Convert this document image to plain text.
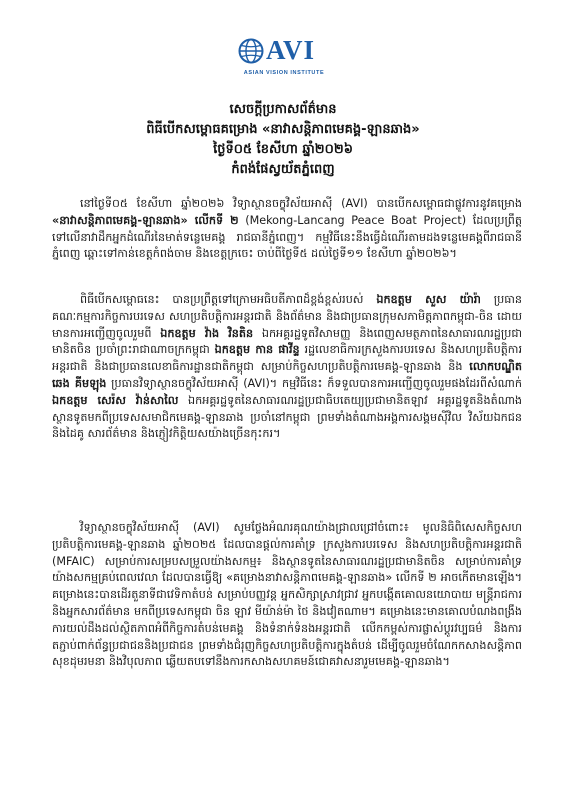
AVI
ASIAN VISION INSTITUTE
សេចក្តីប្រកាសព័ត៌មាន
ពិធីបើកសម្ពោធគម្រោង «នាវាសន្តិភាពមេគង្គ-ឡានឆាង»
ថ្ងៃទី០៥ ខែសីហា ឆ្នាំ២០២៦
កំពង់ផែស្វយ័តភ្នំពេញ

នៅថ្ងៃទី០៥ ខែសីហា ឆ្នាំ២០២៦ វិទ្យាស្ថានចក្ខុវិស័យអាស៊ី (AVI) បានបើកសម្ពោធជាផ្លូវការនូវគម្រោង «នាវាសន្តិភាពមេគង្គ-ឡានឆាង» លើកទី ២ (Mekong-Lancang Peace Boat Project) ដែលប្រព្រឹត្តទៅលើនាវាដឹកអ្នកដំណើរនៃមាត់ទន្លេមេគង្គ រាជធានីភ្នំពេញ។ កម្មវិធីនេះនឹងធ្វើដំណើរតាមដងទន្លេមេគង្គពីរាជធានីភ្នំពេញ ឆ្ពោះទៅកាន់ខេត្តកំពង់ចាម និងខេត្តក្រចេះ ចាប់ពីថ្ងៃទី៥ ដល់ថ្ងៃទី១១ ខែសីហា ឆ្នាំ២០២៦។

ពិធីបើកសម្ពោធនេះ បានប្រព្រឹត្តទៅក្រោមអធិបតីភាពដ៏ខ្ពង់ខ្ពស់របស់ ឯកឧត្តម សួស យ៉ារ៉ា ប្រធានគណៈកម្មការកិច្ចការបរទេស សហប្រតិបត្តិការអន្តរជាតិ និងព័ត៌មាន និងជាប្រធានក្រុមសភាមិត្តភាពកម្ពុជា-ចិន ដោយមានការអញ្ជើញចូលរួមពី ឯកឧត្តម វ៉ាង វិនតិន ឯកអគ្គរដ្ឋទូតវិសាមញ្ញ និងពេញសមត្ថភាពនៃសាធារណរដ្ឋប្រជាមានិតចិន ប្រចាំព្រះរាជាណាចក្រកម្ពុជា ឯកឧត្តម កាន ផាវីន្ទ រដ្ឋលេខាធិការក្រសួងការបរទេស និងសហប្រតិបត្តិការអន្តរជាតិ និងជាប្រធានលេខាធិការដ្ឋានជាតិកម្ពុជា សម្រាប់កិច្ចសហប្រតិបត្តិការមេគង្គ-ឡានឆាង និង លោកបណ្ឌិត ឆេង គីមឡុង ប្រធានវិទ្យាស្ថានចក្ខុវិស័យអាស៊ី (AVI)។ កម្មវិធីនេះ ក៏ទទួលបានការអញ្ជើញចូលរួមផងដែរពីសំណាក់ ឯកឧត្តម សេរ៉ស វ៉ាន់សាលៃ ឯកអគ្គរដ្ឋទូតនៃសាធារណរដ្ឋប្រជាធិបតេយ្យប្រជាមានិតឡាវ អគ្គរដ្ឋទូតនិងតំណាងស្ថានទូតមកពីប្រទេសសមាជិកមេគង្គ-ឡានឆាង ប្រចាំនៅកម្ពុជា ព្រមទាំងតំណាងអង្គការសង្គមស៊ីវិល វិស័យឯកជន និងដៃគូ សារព័ត៌មាន និងភ្ញៀវកិត្តិយសយ៉ាងច្រើនកុះករ។

វិទ្យាស្ថានចក្ខុវិស័យអាស៊ី (AVI) សូមថ្លែងអំណរគុណយ៉ាងជ្រាលជ្រៅចំពោះ៖ មូលនិធិពិសេសកិច្ចសហប្រតិបត្តិការមេគង្គ-ឡានឆាង ឆ្នាំ២០២៥ ដែលបានផ្តល់ការគាំទ្រ ក្រសួងការបរទេស និងសហប្រតិបត្តិការអន្តរជាតិ (MFAIC) សម្រាប់ការសម្របសម្រួលយ៉ាងសកម្ម៖ និងស្ថានទូតនៃសាធារណរដ្ឋប្រជាមានិតចិន សម្រាប់ការគាំទ្រយ៉ាងសកម្មគ្រប់ពេលវេលា ដែលបានធ្វើឱ្យ «គម្រោងនាវាសន្តិភាពមេគង្គ-ឡានឆាង» លើកទី ២ អាចកើតមានឡើង។ គម្រោងនេះបានដើរតួនាទីជាវេទិកាតំបន់ សម្រាប់បញ្ញវន្ត អ្នកសិក្សាស្រាវជ្រាវ អ្នកបង្កើតគោលនយោបាយ មន្ត្រីរាជការ និងអ្នកសារព័ត៌មាន មកពីប្រទេសកម្ពុជា ចិន ឡាវ មីយ៉ាន់ម៉ា ថៃ និងវៀតណាម។ គម្រោងនេះមានគោលបំណងពង្រឹងការយល់ដឹងដល់ស្ថិតភាពអំពីកិច្ចការតំបន់មេគង្គ និងទំនាក់ទំនងអន្តរជាតិ លើកកម្ពស់ការផ្លាស់ប្តូរវប្បធម៌ និងការតភ្ជាប់ពាក់ព័ន្ធប្រជាជននិងប្រជាជន ព្រមទាំងជំរុញកិច្ចសហប្រតិបត្តិការក្នុងតំបន់ ដើម្បីចូលរួមចំណែកកសាងសន្តិភាព សុខដុមរមនា និងវិបុលភាព ឆ្លើយតបទៅនឹងការកសាងសហគមន៍ជោគវាសនារួមមេគង្គ-ឡានឆាង។
